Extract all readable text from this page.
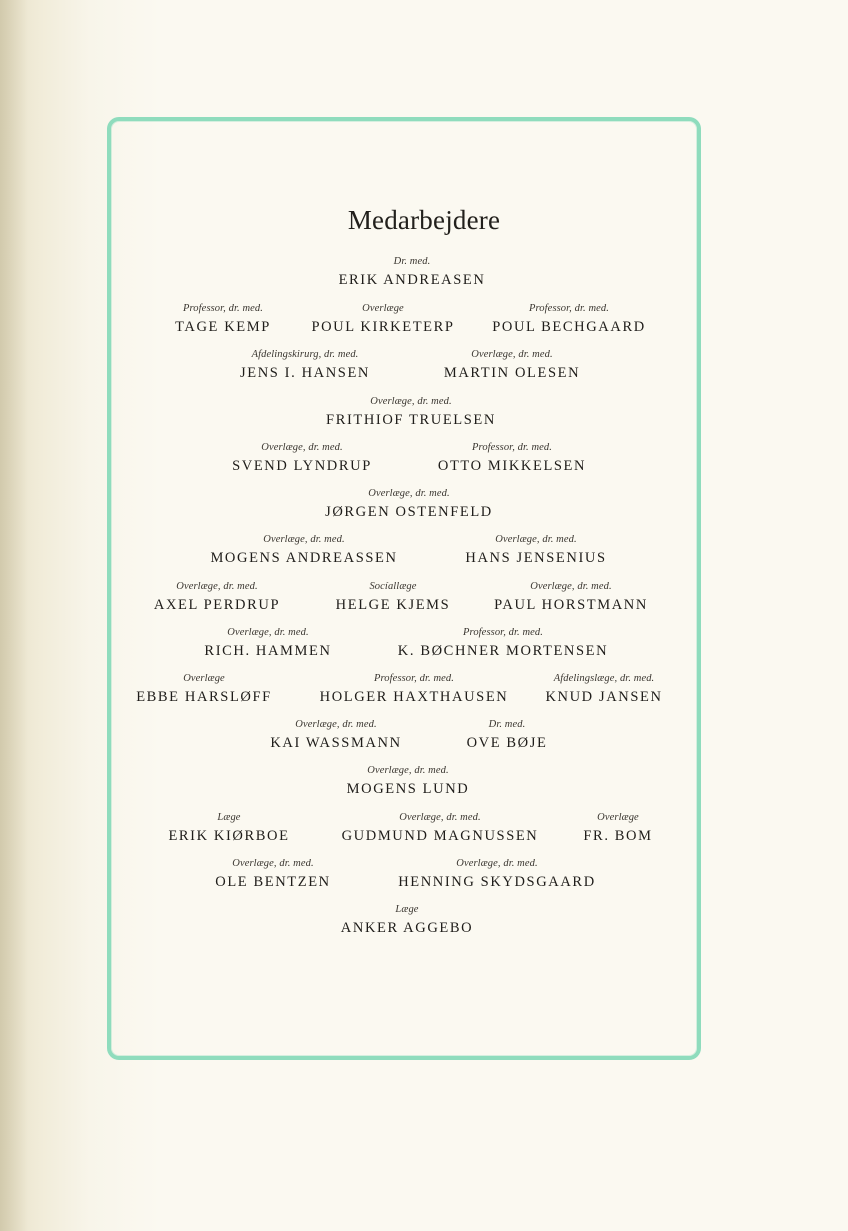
Medarbejdere
Dr. med.
ERIK ANDREASEN
Professor, dr. med.
TAGE KEMP
Overlæge
POUL KIRKETERP
Professor, dr. med.
POUL BECHGAARD
Afdelingskirurg, dr. med.
JENS I. HANSEN
Overlæge, dr. med.
MARTIN OLESEN
Overlæge, dr. med.
FRITHIOF TRUELSEN
Overlæge, dr. med.
SVEND LYNDRUP
Professor, dr. med.
OTTO MIKKELSEN
Overlæge, dr. med.
JØRGEN OSTENFELD
Overlæge, dr. med.
MOGENS ANDREASSEN
Overlæge, dr. med.
HANS JENSENIUS
Overlæge, dr. med.
AXEL PERDRUP
Socíallæge
HELGE KJEMS
Overlæge, dr. med.
PAUL HORSTMANN
Overlæge, dr. med.
RICH. HAMMEN
Professor, dr. med.
K. BØCHNER MORTENSEN
Overlæge
EBBE HARSLØFF
Professor, dr. med.
HOLGER HAXTHAUSEN
Afdelingslæge, dr. med.
KNUD JANSEN
Overlæge, dr. med.
KAI WASSMANN
Dr. med.
OVE BØJE
Overlæge, dr. med.
MOGENS LUND
Læge
ERIK KIØRBOE
Overlæge, dr. med.
GUDMUND MAGNUSSEN
Overlæge
FR. BOM
Overlæge, dr. med.
OLE BENTZEN
Overlæge, dr. med.
HENNING SKYDSGAARD
Læge
ANKER AGGEBO
